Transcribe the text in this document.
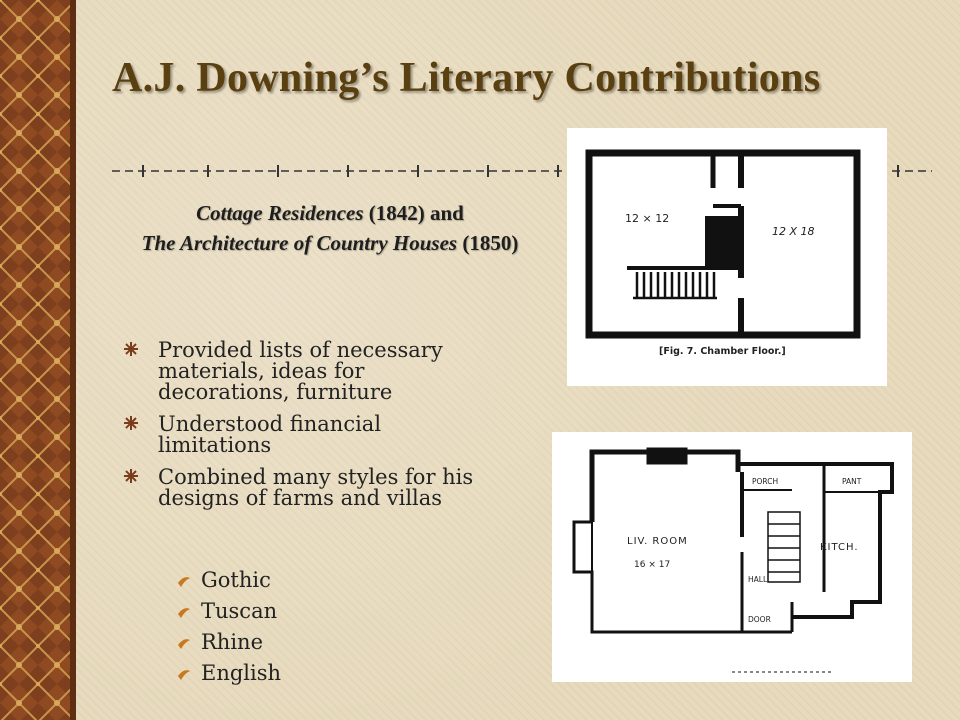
A.J. Downing’s Literary Contributions
Cottage Residences (1842) and
The Architecture of Country Houses (1850)
Provided lists of necessary materials, ideas for decorations, furniture
Understood financial limitations
Combined many styles for his designs of farms and villas
Gothic
Tuscan
Rhine
English
12 × 12
12 X 18
[Fig. 7. Chamber Floor.]
LIV. ROOM
16 × 17
KITCH.
PORCH	PANT
HALL
DOOR
